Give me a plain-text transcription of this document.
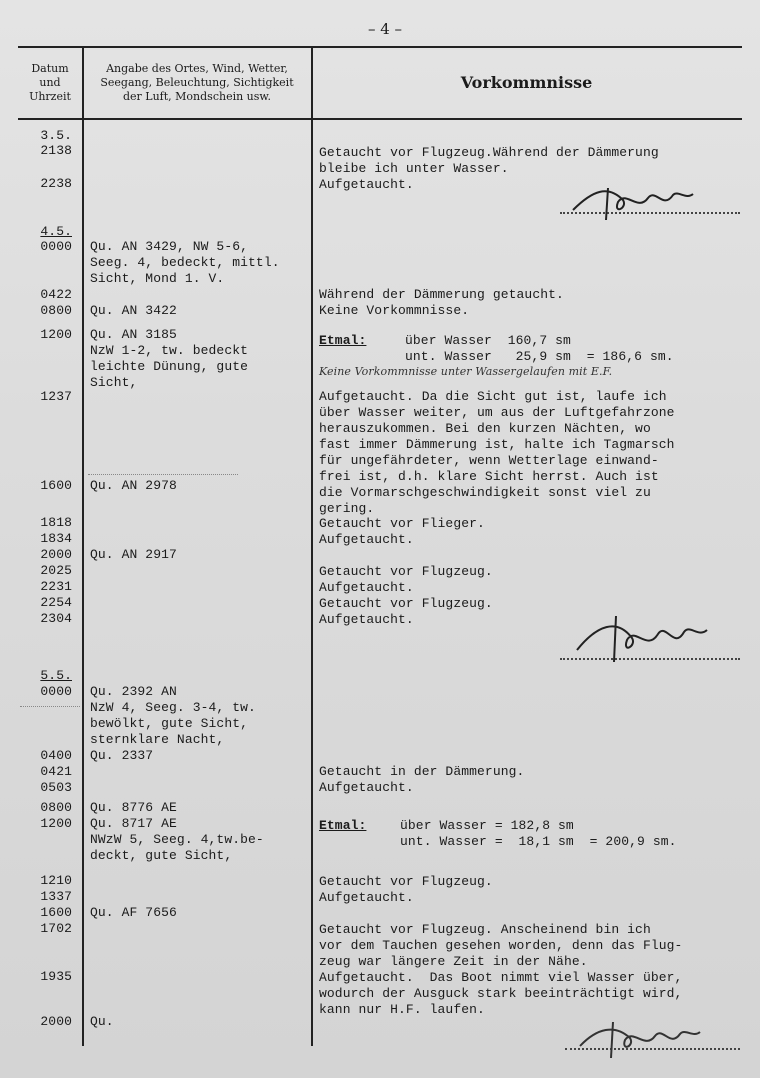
– 4 –
Datum
und
Uhrzeit
Angabe des Ortes, Wind, Wetter,
Seegang, Beleuchtung, Sichtigkeit
der Luft, Mondschein usw.
Vorkommnisse
3.5.
2138
2238
4.5.
0000
0422
0800
1200
1237
1600
1818
1834
2000
2025
2231
2254
2304
5.5.
0000
0400
0421
0503
0800
1200
1210
1337
1600
1702
1935
2000
Qu. AN 3429, NW 5-6,
Seeg. 4, bedeckt, mittl.
Sicht, Mond 1. V.
Qu. AN 3422
Qu. AN 3185
NzW 1-2, tw. bedeckt
leichte Dünung, gute
Sicht,
Qu. AN 2978
Qu. AN 2917
Qu. 2392 AN
NzW 4, Seeg. 3-4, tw.
bewölkt, gute Sicht,
sternklare Nacht,
Qu. 2337
Qu. 8776 AE
Qu. 8717 AE
NWzW 5, Seeg. 4,tw.be-
deckt, gute Sicht,
Qu. AF 7656
Qu.
Getaucht vor Flugzeug.Während der Dämmerung
bleibe ich unter Wasser.
Aufgetaucht.
Während der Dämmerung getaucht.
Keine Vorkommnisse.
Etmal:	über Wasser  160,7 sm
unt. Wasser   25,9 sm  = 186,6 sm.
Keine Vorkommnisse unter Wassergelaufen mit E.F.
Aufgetaucht. Da die Sicht gut ist, laufe ich
über Wasser weiter, um aus der Luftgefahrzone
herauszukommen. Bei den kurzen Nächten, wo
fast immer Dämmerung ist, halte ich Tagmarsch
für ungefährdeter, wenn Wetterlage einwand-
frei ist, d.h. klare Sicht herrst. Auch ist
die Vormarschgeschwindigkeit sonst viel zu
gering.
Getaucht vor Flieger.
Aufgetaucht.
Getaucht vor Flugzeug.
Aufgetaucht.
Getaucht vor Flugzeug.
Aufgetaucht.
Getaucht in der Dämmerung.
Aufgetaucht.
Etmal:	über Wasser = 182,8 sm
unt. Wasser =  18,1 sm  = 200,9 sm.
Getaucht vor Flugzeug.
Aufgetaucht.
Getaucht vor Flugzeug. Anscheinend bin ich
vor dem Tauchen gesehen worden, denn das Flug-
zeug war längere Zeit in der Nähe.
Aufgetaucht.  Das Boot nimmt viel Wasser über,
wodurch der Ausguck stark beeinträchtigt wird,
kann nur H.F. laufen.
